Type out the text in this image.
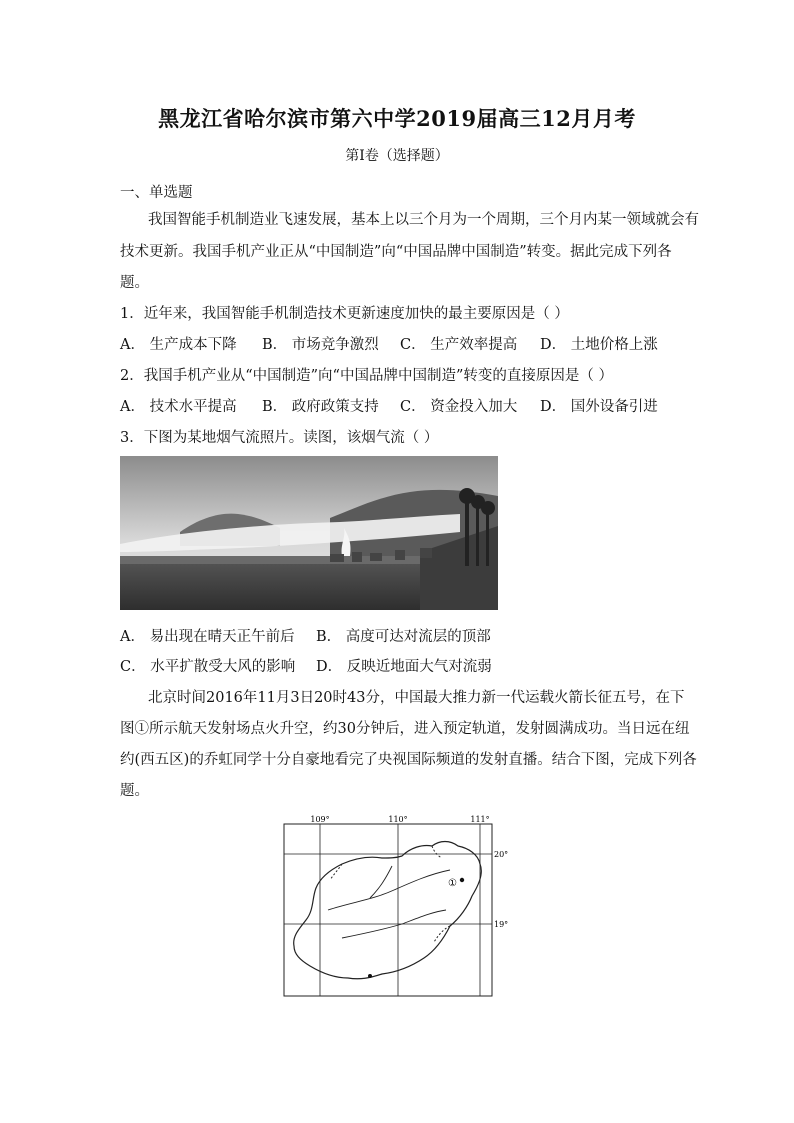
黑龙江省哈尔滨市第六中学2019届高三12月月考
第I卷（选择题）
一、单选题
我国智能手机制造业飞速发展，基本上以三个月为一个周期，三个月内某一领域就会有
技术更新。我国手机产业正从“中国制造”向“中国品牌中国制造”转变。据此完成下列各
题。
1．近年来，我国智能手机制造技术更新速度加快的最主要原因是（ ）
A． 生产成本下降 B． 市场竞争激烈 C． 生产效率提高 D． 土地价格上涨
2．我国手机产业从“中国制造”向“中国品牌中国制造”转变的直接原因是（ ）
A． 技术水平提高 B． 政府政策支持 C． 资金投入加大 D． 国外设备引进
3．下图为某地烟气流照片。读图，该烟气流（ ）
A． 易出现在晴天正午前后 B． 高度可达对流层的顶部
C． 水平扩散受大风的影响 D． 反映近地面大气对流弱
北京时间2016年11月3日20时43分，中国最大推力新一代运载火箭长征五号，在下
图①所示航天发射场点火升空，约30分钟后，进入预定轨道，发射圆满成功。当日远在纽
约(西五区)的乔虹同学十分自豪地看完了央视国际频道的发射直播。结合下图，完成下列各
题。
109°	110°	111°
20°
19°
①
